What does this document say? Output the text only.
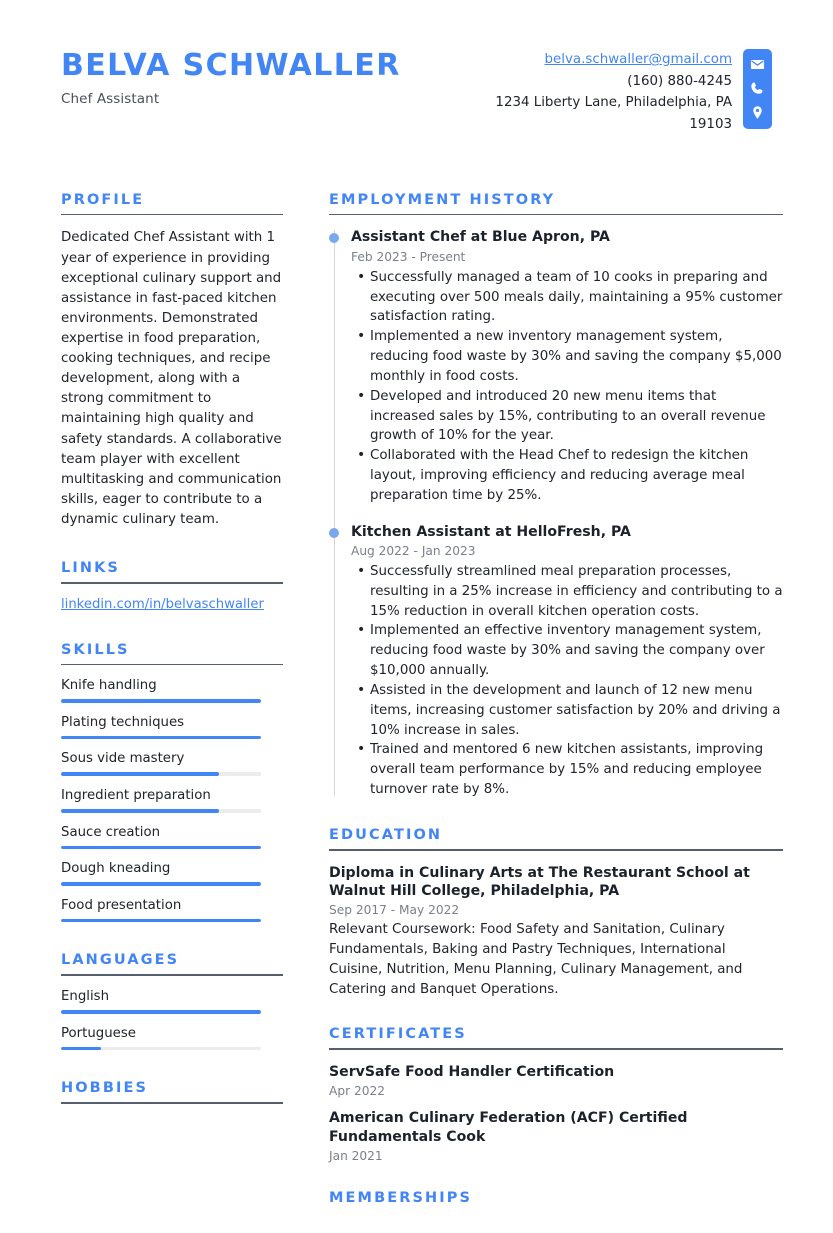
BELVA SCHWALLER
Chef Assistant
belva.schwaller@gmail.com
(160) 880-4245
1234 Liberty Lane, Philadelphia, PA 19103
PROFILE
Dedicated Chef Assistant with 1 year of experience in providing exceptional culinary support and assistance in fast-paced kitchen environments. Demonstrated expertise in food preparation, cooking techniques, and recipe development, along with a strong commitment to maintaining high quality and safety standards. A collaborative team player with excellent multitasking and communication skills, eager to contribute to a dynamic culinary team.
LINKS
linkedin.com/in/belvaschwaller
SKILLS
Knife handling
Plating techniques
Sous vide mastery
Ingredient preparation
Sauce creation
Dough kneading
Food presentation
LANGUAGES
English
Portuguese
HOBBIES
EMPLOYMENT HISTORY
Assistant Chef at Blue Apron, PA
Feb 2023 - Present
• Successfully managed a team of 10 cooks in preparing and executing over 500 meals daily, maintaining a 95% customer satisfaction rating.
• Implemented a new inventory management system, reducing food waste by 30% and saving the company $5,000 monthly in food costs.
• Developed and introduced 20 new menu items that increased sales by 15%, contributing to an overall revenue growth of 10% for the year.
• Collaborated with the Head Chef to redesign the kitchen layout, improving efficiency and reducing average meal preparation time by 25%.
Kitchen Assistant at HelloFresh, PA
Aug 2022 - Jan 2023
• Successfully streamlined meal preparation processes, resulting in a 25% increase in efficiency and contributing to a 15% reduction in overall kitchen operation costs.
• Implemented an effective inventory management system, reducing food waste by 30% and saving the company over $10,000 annually.
• Assisted in the development and launch of 12 new menu items, increasing customer satisfaction by 20% and driving a 10% increase in sales.
• Trained and mentored 6 new kitchen assistants, improving overall team performance by 15% and reducing employee turnover rate by 8%.
EDUCATION
Diploma in Culinary Arts at The Restaurant School at Walnut Hill College, Philadelphia, PA
Sep 2017 - May 2022
Relevant Coursework: Food Safety and Sanitation, Culinary Fundamentals, Baking and Pastry Techniques, International Cuisine, Nutrition, Menu Planning, Culinary Management, and Catering and Banquet Operations.
CERTIFICATES
ServSafe Food Handler Certification
Apr 2022
American Culinary Federation (ACF) Certified Fundamentals Cook
Jan 2021
MEMBERSHIPS
